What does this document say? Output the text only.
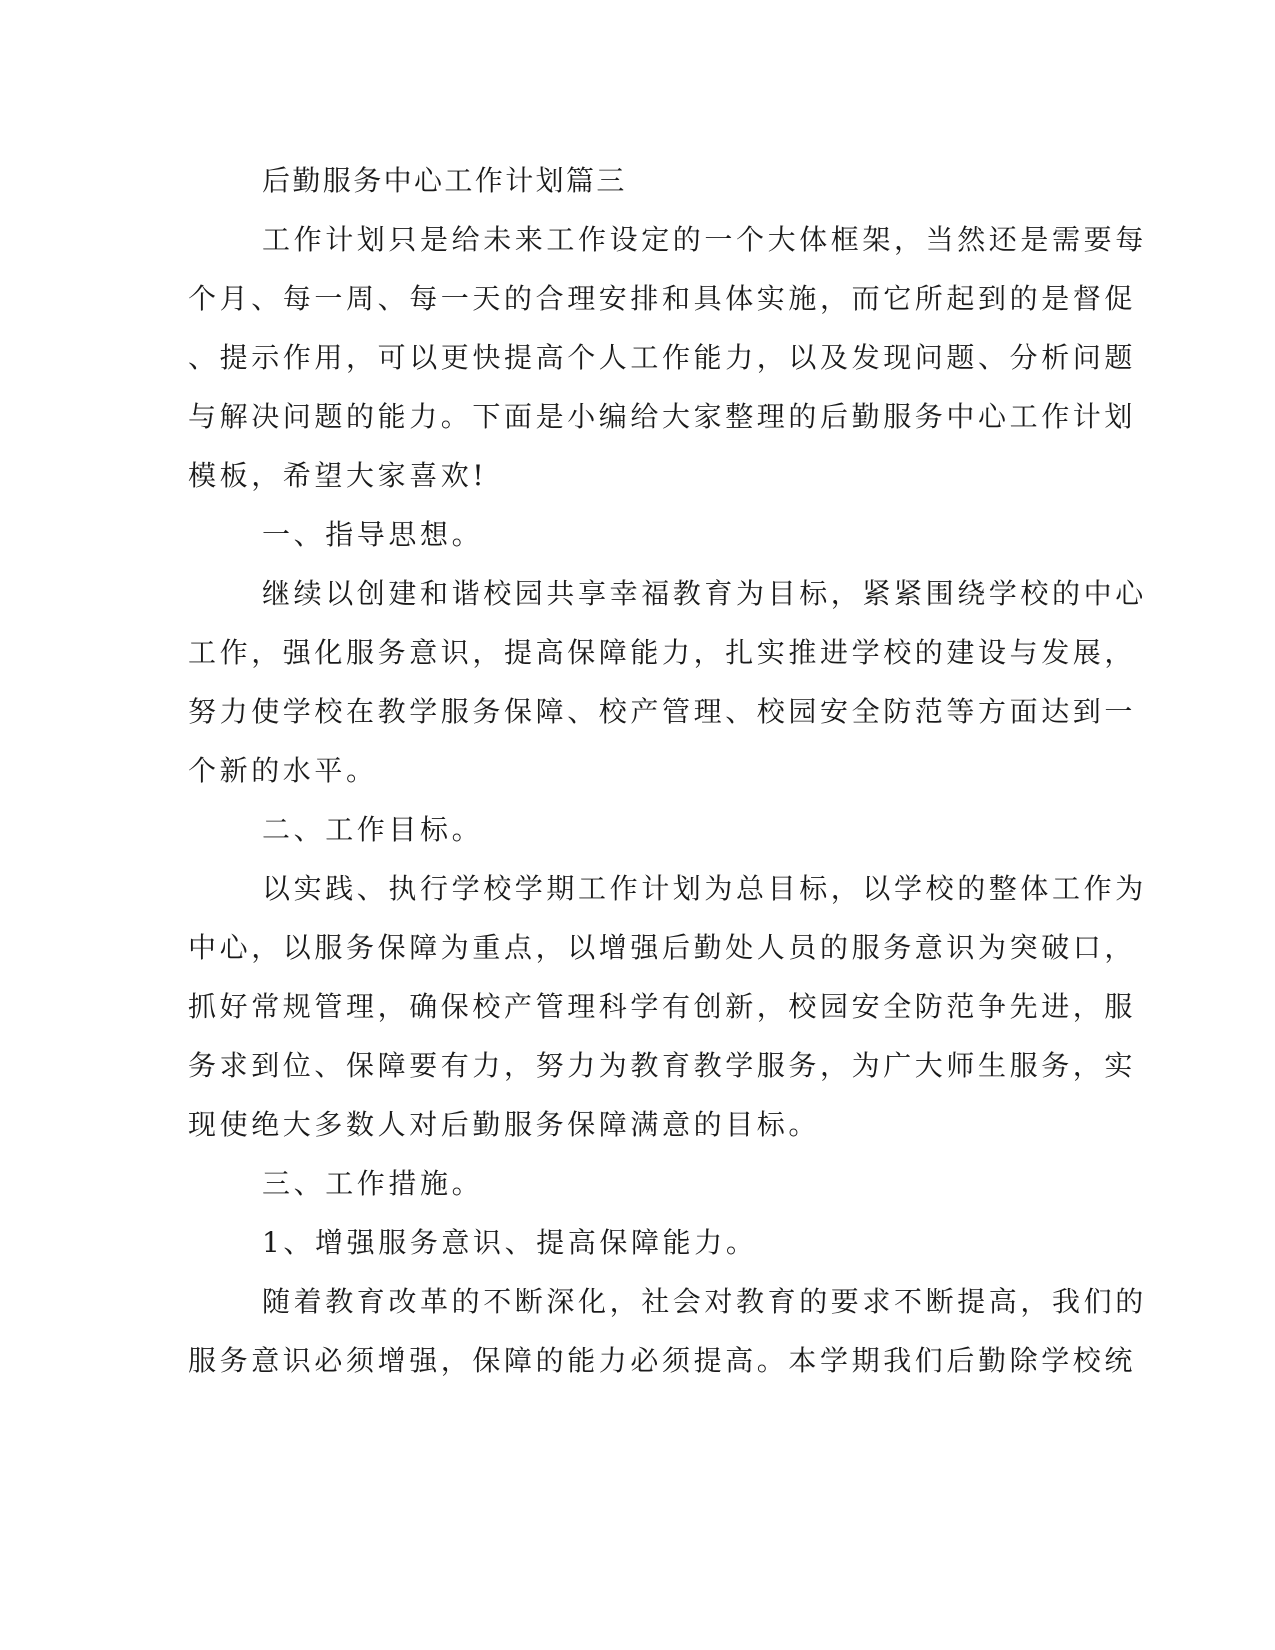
后勤服务中心工作计划篇三
工作计划只是给未来工作设定的一个大体框架，当然还是需要每
个月、每一周、每一天的合理安排和具体实施，而它所起到的是督促
、提示作用，可以更快提高个人工作能力，以及发现问题、分析问题
与解决问题的能力。下面是小编给大家整理的后勤服务中心工作计划
模板，希望大家喜欢!
一、指导思想。
继续以创建和谐校园共享幸福教育为目标，紧紧围绕学校的中心
工作，强化服务意识，提高保障能力，扎实推进学校的建设与发展，
努力使学校在教学服务保障、校产管理、校园安全防范等方面达到一
个新的水平。
二、工作目标。
以实践、执行学校学期工作计划为总目标，以学校的整体工作为
中心，以服务保障为重点，以增强后勤处人员的服务意识为突破口，
抓好常规管理，确保校产管理科学有创新，校园安全防范争先进，服
务求到位、保障要有力，努力为教育教学服务，为广大师生服务，实
现使绝大多数人对后勤服务保障满意的目标。
三、工作措施。
1、增强服务意识、提高保障能力。
随着教育改革的不断深化，社会对教育的要求不断提高，我们的
服务意识必须增强，保障的能力必须提高。本学期我们后勤除学校统
